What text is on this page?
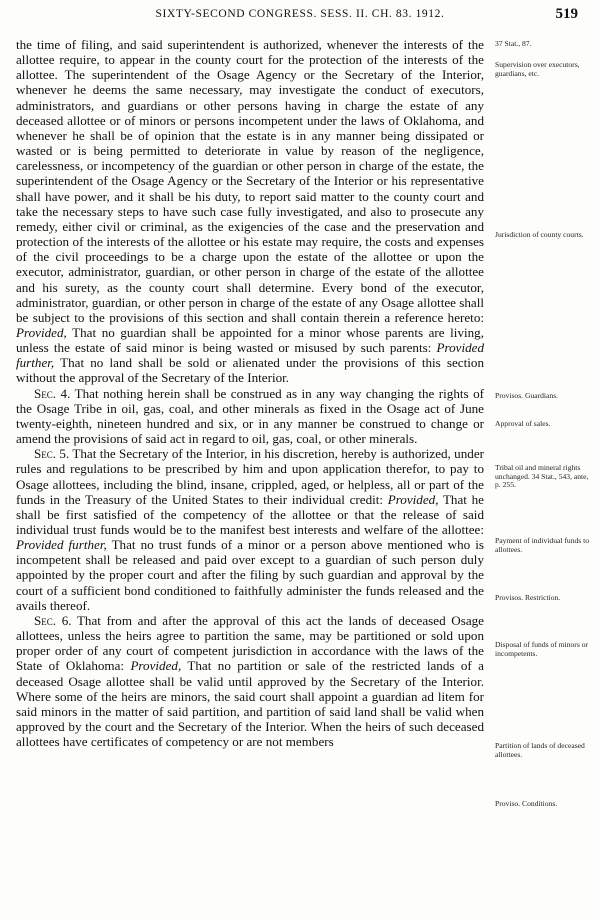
SIXTY-SECOND CONGRESS. SESS. II. CH. 83. 1912.	519

the time of filing, and said superintendent is authorized, whenever the interests of the allottee require, to appear in the county court for the protection of the interests of the allottee. The superintendent of the Osage Agency or the Secretary of the Interior, whenever he deems the same necessary, may investigate the conduct of executors, administrators, and guardians or other persons having in charge the estate of any deceased allottee or of minors or persons incompetent under the laws of Oklahoma, and whenever he shall be of opinion that the estate is in any manner being dissipated or wasted or is being permitted to deteriorate in value by reason of the negligence, carelessness, or incompetency of the guardian or other person in charge of the estate, the superintendent of the Osage Agency or the Secretary of the Interior or his representative shall have power, and it shall be his duty, to report said matter to the county court and take the necessary steps to have such case fully investigated, and also to prosecute any remedy, either civil or criminal, as the exigencies of the case and the preservation and protection of the interests of the allottee or his estate may require, the costs and expenses of the civil proceedings to be a charge upon the estate of the allottee or upon the executor, administrator, guardian, or other person in charge of the estate of the allottee and his surety, as the county court shall determine. Every bond of the executor, administrator, guardian, or other person in charge of the estate of any Osage allottee shall be subject to the provisions of this section and shall contain therein a reference hereto: Provided, That no guardian shall be appointed for a minor whose parents are living, unless the estate of said minor is being wasted or misused by such parents: Provided further, That no land shall be sold or alienated under the provisions of this section without the approval of the Secretary of the Interior.

Sec. 4. That nothing herein shall be construed as in any way changing the rights of the Osage Tribe in oil, gas, coal, and other minerals as fixed in the Osage act of June twenty-eighth, nineteen hundred and six, or in any manner be construed to change or amend the provisions of said act in regard to oil, gas, coal, or other minerals.

Sec. 5. That the Secretary of the Interior, in his discretion, hereby is authorized, under rules and regulations to be prescribed by him and upon application therefor, to pay to Osage allottees, including the blind, insane, crippled, aged, or helpless, all or part of the funds in the Treasury of the United States to their individual credit: Provided, That he shall be first satisfied of the competency of the allottee or that the release of said individual trust funds would be to the manifest best interests and welfare of the allottee: Provided further, That no trust funds of a minor or a person above mentioned who is incompetent shall be released and paid over except to a guardian of such person duly appointed by the proper court and after the filing by such guardian and approval by the court of a sufficient bond conditioned to faithfully administer the funds released and the avails thereof.

Sec. 6. That from and after the approval of this act the lands of deceased Osage allottees, unless the heirs agree to partition the same, may be partitioned or sold upon proper order of any court of competent jurisdiction in accordance with the laws of the State of Oklahoma: Provided, That no partition or sale of the restricted lands of a deceased Osage allottee shall be valid until approved by the Secretary of the Interior. Where some of the heirs are minors, the said court shall appoint a guardian ad litem for said minors in the matter of said partition, and partition of said land shall be valid when approved by the court and the Secretary of the Interior. When the heirs of such deceased allottees have certificates of competency or are not members

37 Stat., 87.
Supervision over executors, guardians, etc.
Jurisdiction of county courts.
Provisos. Guardians.
Approval of sales.
Tribal oil and mineral rights unchanged. 34 Stat., 543, ante, p. 255.
Payment of individual funds to allottees.
Provisos. Restriction.
Disposal of funds of minors or incompetents.
Partition of lands of deceased allottees.
Proviso. Conditions.
